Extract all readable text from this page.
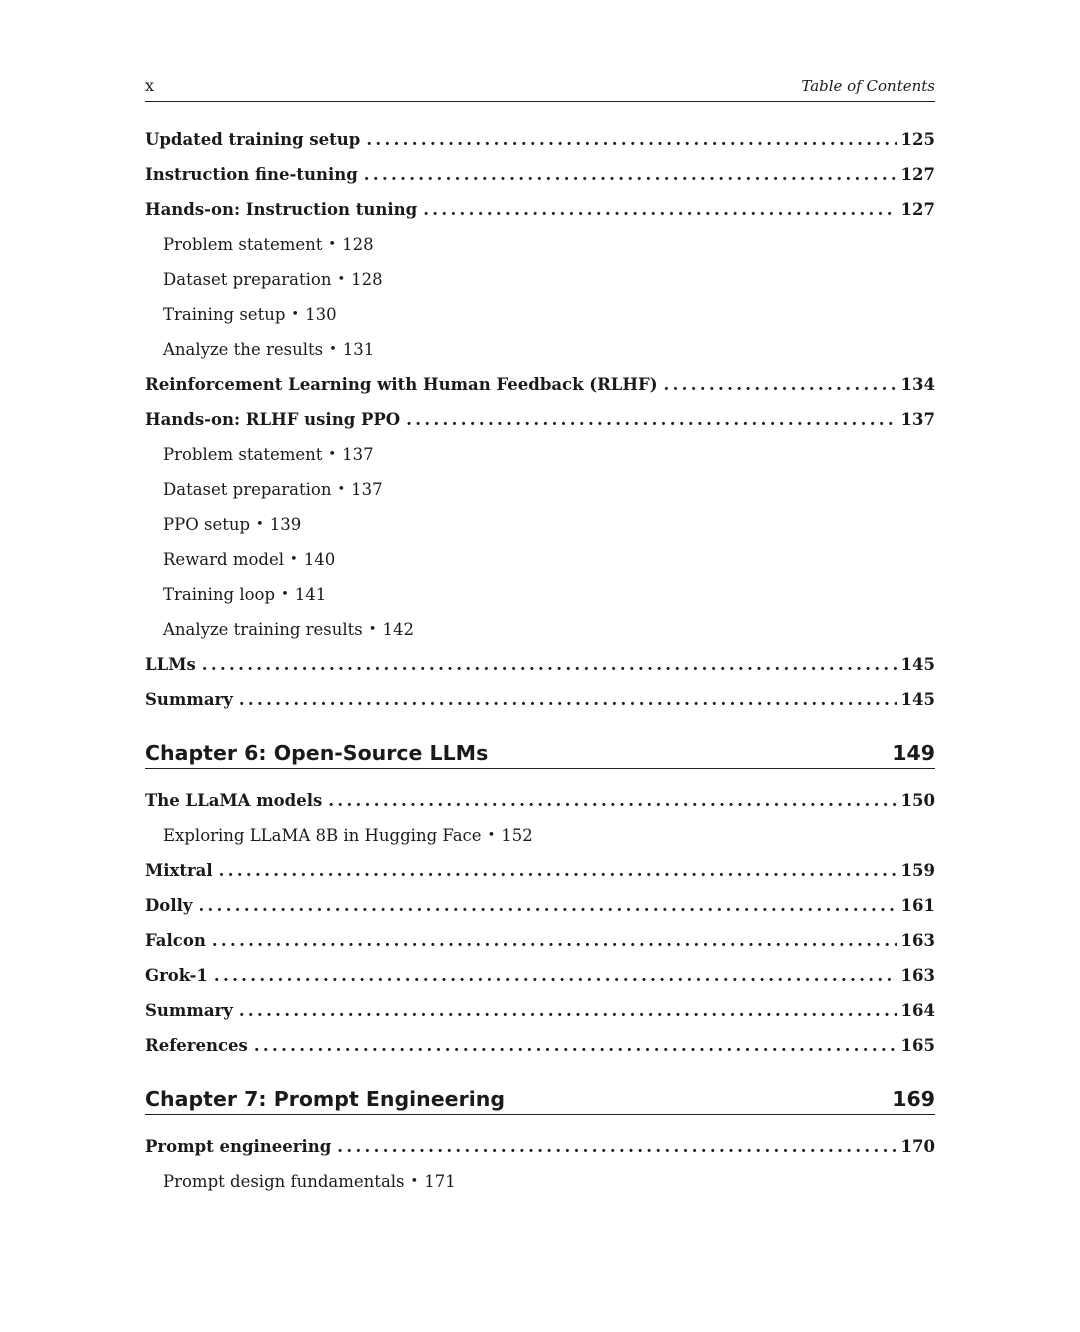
x	Table of Contents
Updated training setup . . .	125
Instruction fine-tuning . . .	127
Hands-on: Instruction tuning . . .	127
Problem statement • 128
Dataset preparation • 128
Training setup • 130
Analyze the results • 131
Reinforcement Learning with Human Feedback (RLHF) . . .	134
Hands-on: RLHF using PPO . . .	137
Problem statement • 137
Dataset preparation • 137
PPO setup • 139
Reward model • 140
Training loop • 141
Analyze training results • 142
LLMs . . .	145
Summary . . .	145
Chapter 6: Open-Source LLMs	149
The LLaMA models . . .	150
Exploring LLaMA 8B in Hugging Face • 152
Mixtral . . .	159
Dolly . . .	161
Falcon . . .	163
Grok-1 . . .	163
Summary . . .	164
References . . .	165
Chapter 7: Prompt Engineering	169
Prompt engineering . . .	170
Prompt design fundamentals • 171
